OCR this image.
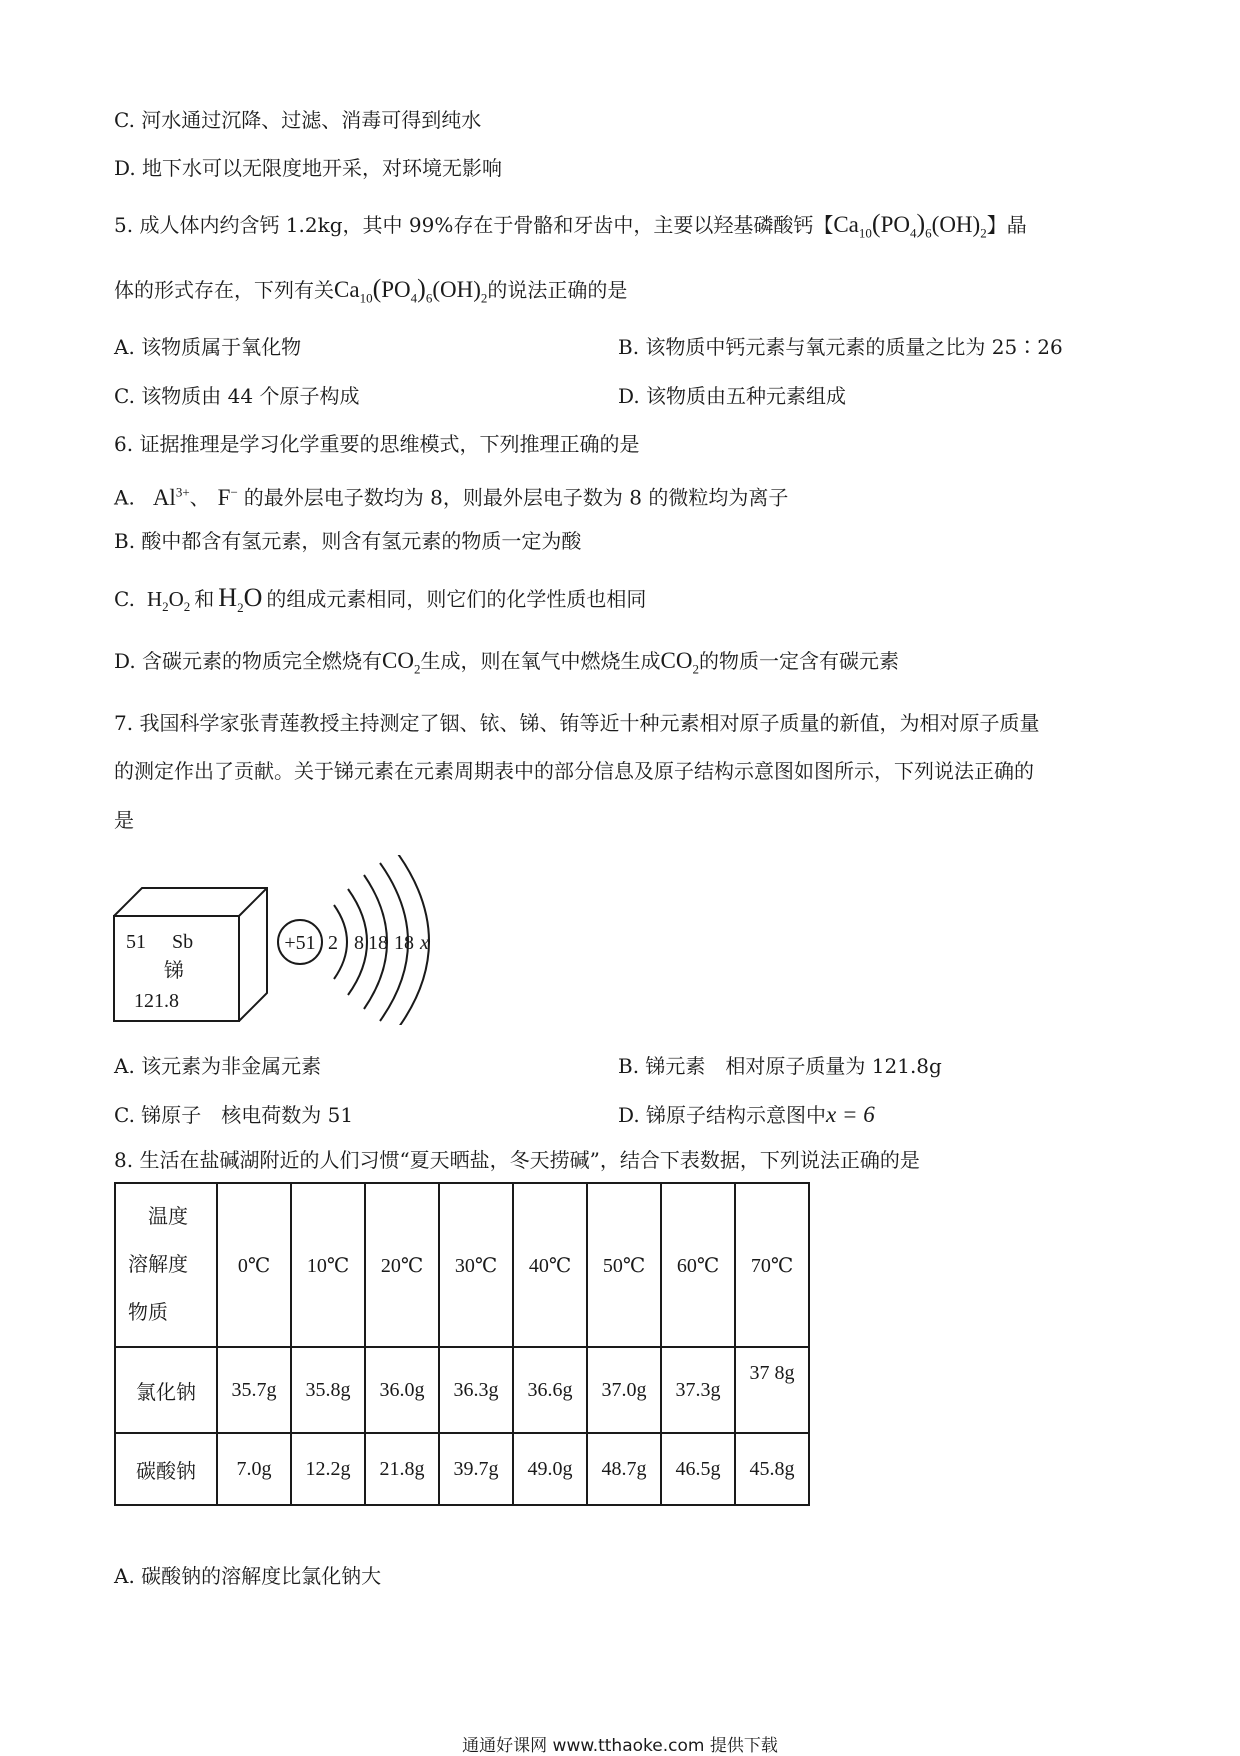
C. 河水通过沉降、过滤、消毒可得到纯水
D. 地下水可以无限度地开采，对环境无影响
5. 成人体内约含钙 1.2kg，其中 99%存在于骨骼和牙齿中，主要以羟基磷酸钙【$Ca_{10}(PO_4)_6(OH)_2$】晶
体的形式存在，下列有关$Ca_{10}(PO_4)_6(OH)_2$的说法正确的是
A. 该物质属于氧化物	B. 该物质中钙元素与氧元素的质量之比为 25∶26
C. 该物质由 44 个原子构成	D. 该物质由五种元素组成
6. 证据推理是学习化学重要的思维模式，下列推理正确的是
A. $Al^{3+}$、 F− 的最外层电子数均为 8，则最外层电子数为 8 的微粒均为离子
B. 酸中都含有氢元素，则含有氢元素的物质一定为酸
C. $H_2O_2$ 和 $H_2O$ 的组成元素相同，则它们的化学性质也相同
D. 含碳元素的物质完全燃烧有$CO_2$生成，则在氧气中燃烧生成$CO_2$的物质一定含有碳元素
7. 我国科学家张青莲教授主持测定了铟、铱、锑、铕等近十种元素相对原子质量的新值，为相对原子质量
的测定作出了贡献。关于锑元素在元素周期表中的部分信息及原子结构示意图如图所示，下列说法正确的
是
51 Sb
锑
121.8
+51 2 8 18 18 x
A. 该元素为非金属元素	B. 锑元素　相对原子质量为 121.8g
C. 锑原子　核电荷数为 51	D. 锑原子结构示意图中x = 6
8. 生活在盐碱湖附近的人们习惯“夏天晒盐，冬天捞碱”，结合下表数据，下列说法正确的是
温度
溶解度
物质	0℃	10℃	20℃	30℃	40℃	50℃	60℃	70℃
氯化钠	35.7g	35.8g	36.0g	36.3g	36.6g	37.0g	37.3g	37 8g
碳酸钠	7.0g	12.2g	21.8g	39.7g	49.0g	48.7g	46.5g	45.8g
A. 碳酸钠的溶解度比氯化钠大
通通好课网 www.tthaoke.com 提供下载
